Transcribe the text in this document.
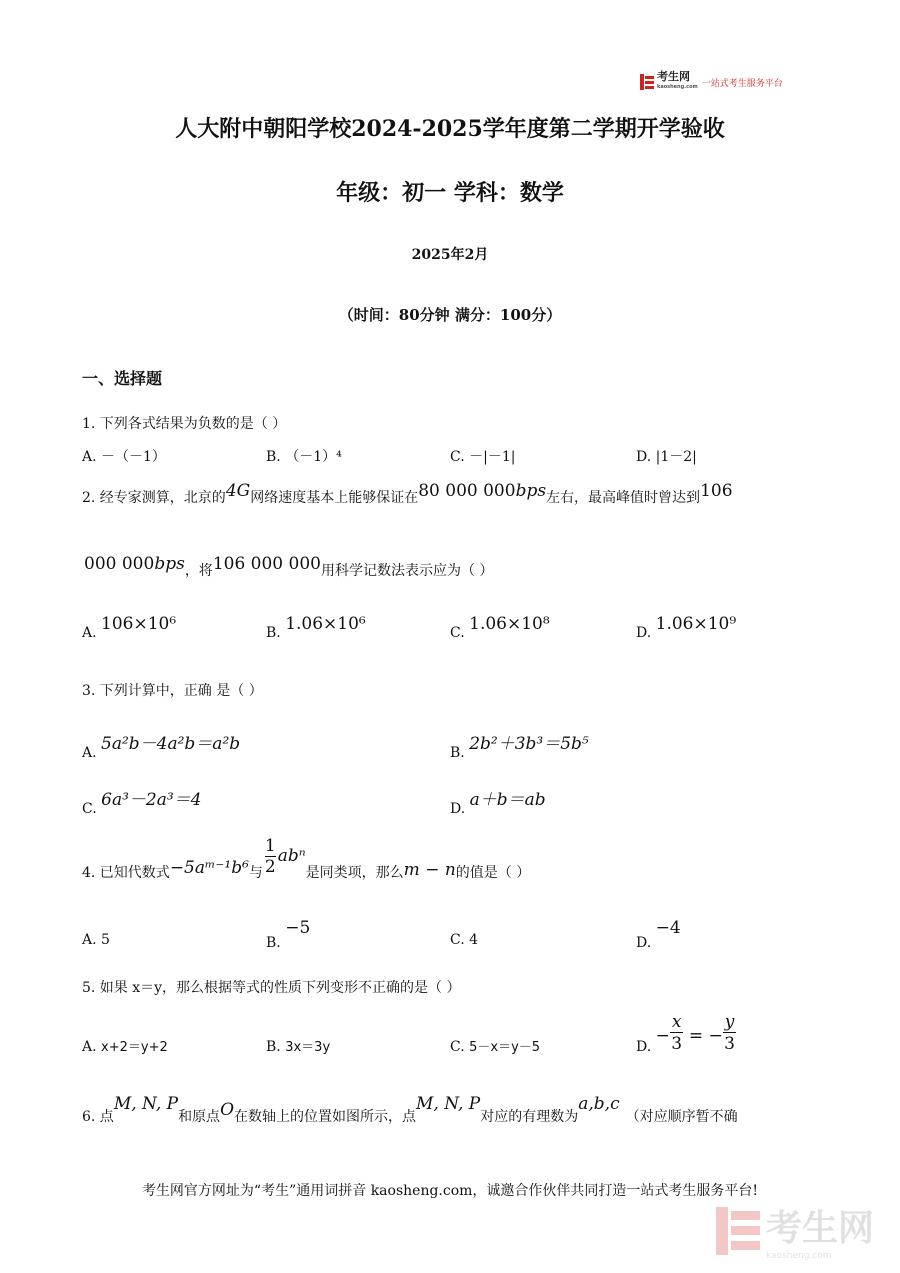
考生网
kaosheng.com 一站式考生服务平台
人大附中朝阳学校2024-2025学年度第二学期开学验收
年级：初一 学科：数学
2025年2月
（时间：80分钟 满分：100分）
一、选择题
1. 下列各式结果为负数的是（ ）
A. －（－1）	B. （－1）⁴	C. －|－1|	D. |1－2|
2. 经专家测算，北京的4G网络速度基本上能够保证在80 000 000bps左右，最高峰值时曾达到106
000 000bps，将106 000 000用科学记数法表示应为（ ）
A. 106×10⁶	B. 1.06×10⁶	C. 1.06×10⁸	D. 1.06×10⁹
3. 下列计算中，正确 是（ ）
A. 5a²b－4a²b＝a²b	B. 2b²＋3b³＝5b⁵
C. 6a³－2a³＝4	D. a＋b＝ab
4. 已知代数式−5aᵐ⁻¹b⁶与 $\frac{1}{2}$ abⁿ是同类项，那么m − n的值是（ ）
A. 5	B. −5
C. 4	D. −4
5. 如果 x＝y，那么根据等式的性质下列变形不正确的是（ ）
A. x+2＝y+2	B. 3x＝3y	C. 5－x＝y－5	D. − $\frac{x}{3}$ = − $\frac{y}{3}$
6. 点M, N, P和原点O在数轴上的位置如图所示，点M, N, P对应的有理数为a,b,c（对应顺序暂不确
考生网官方网址为“考生”通用词拼音 kaosheng.com，诚邀合作伙伴共同打造一站式考生服务平台!
考生网
kaosheng.com
